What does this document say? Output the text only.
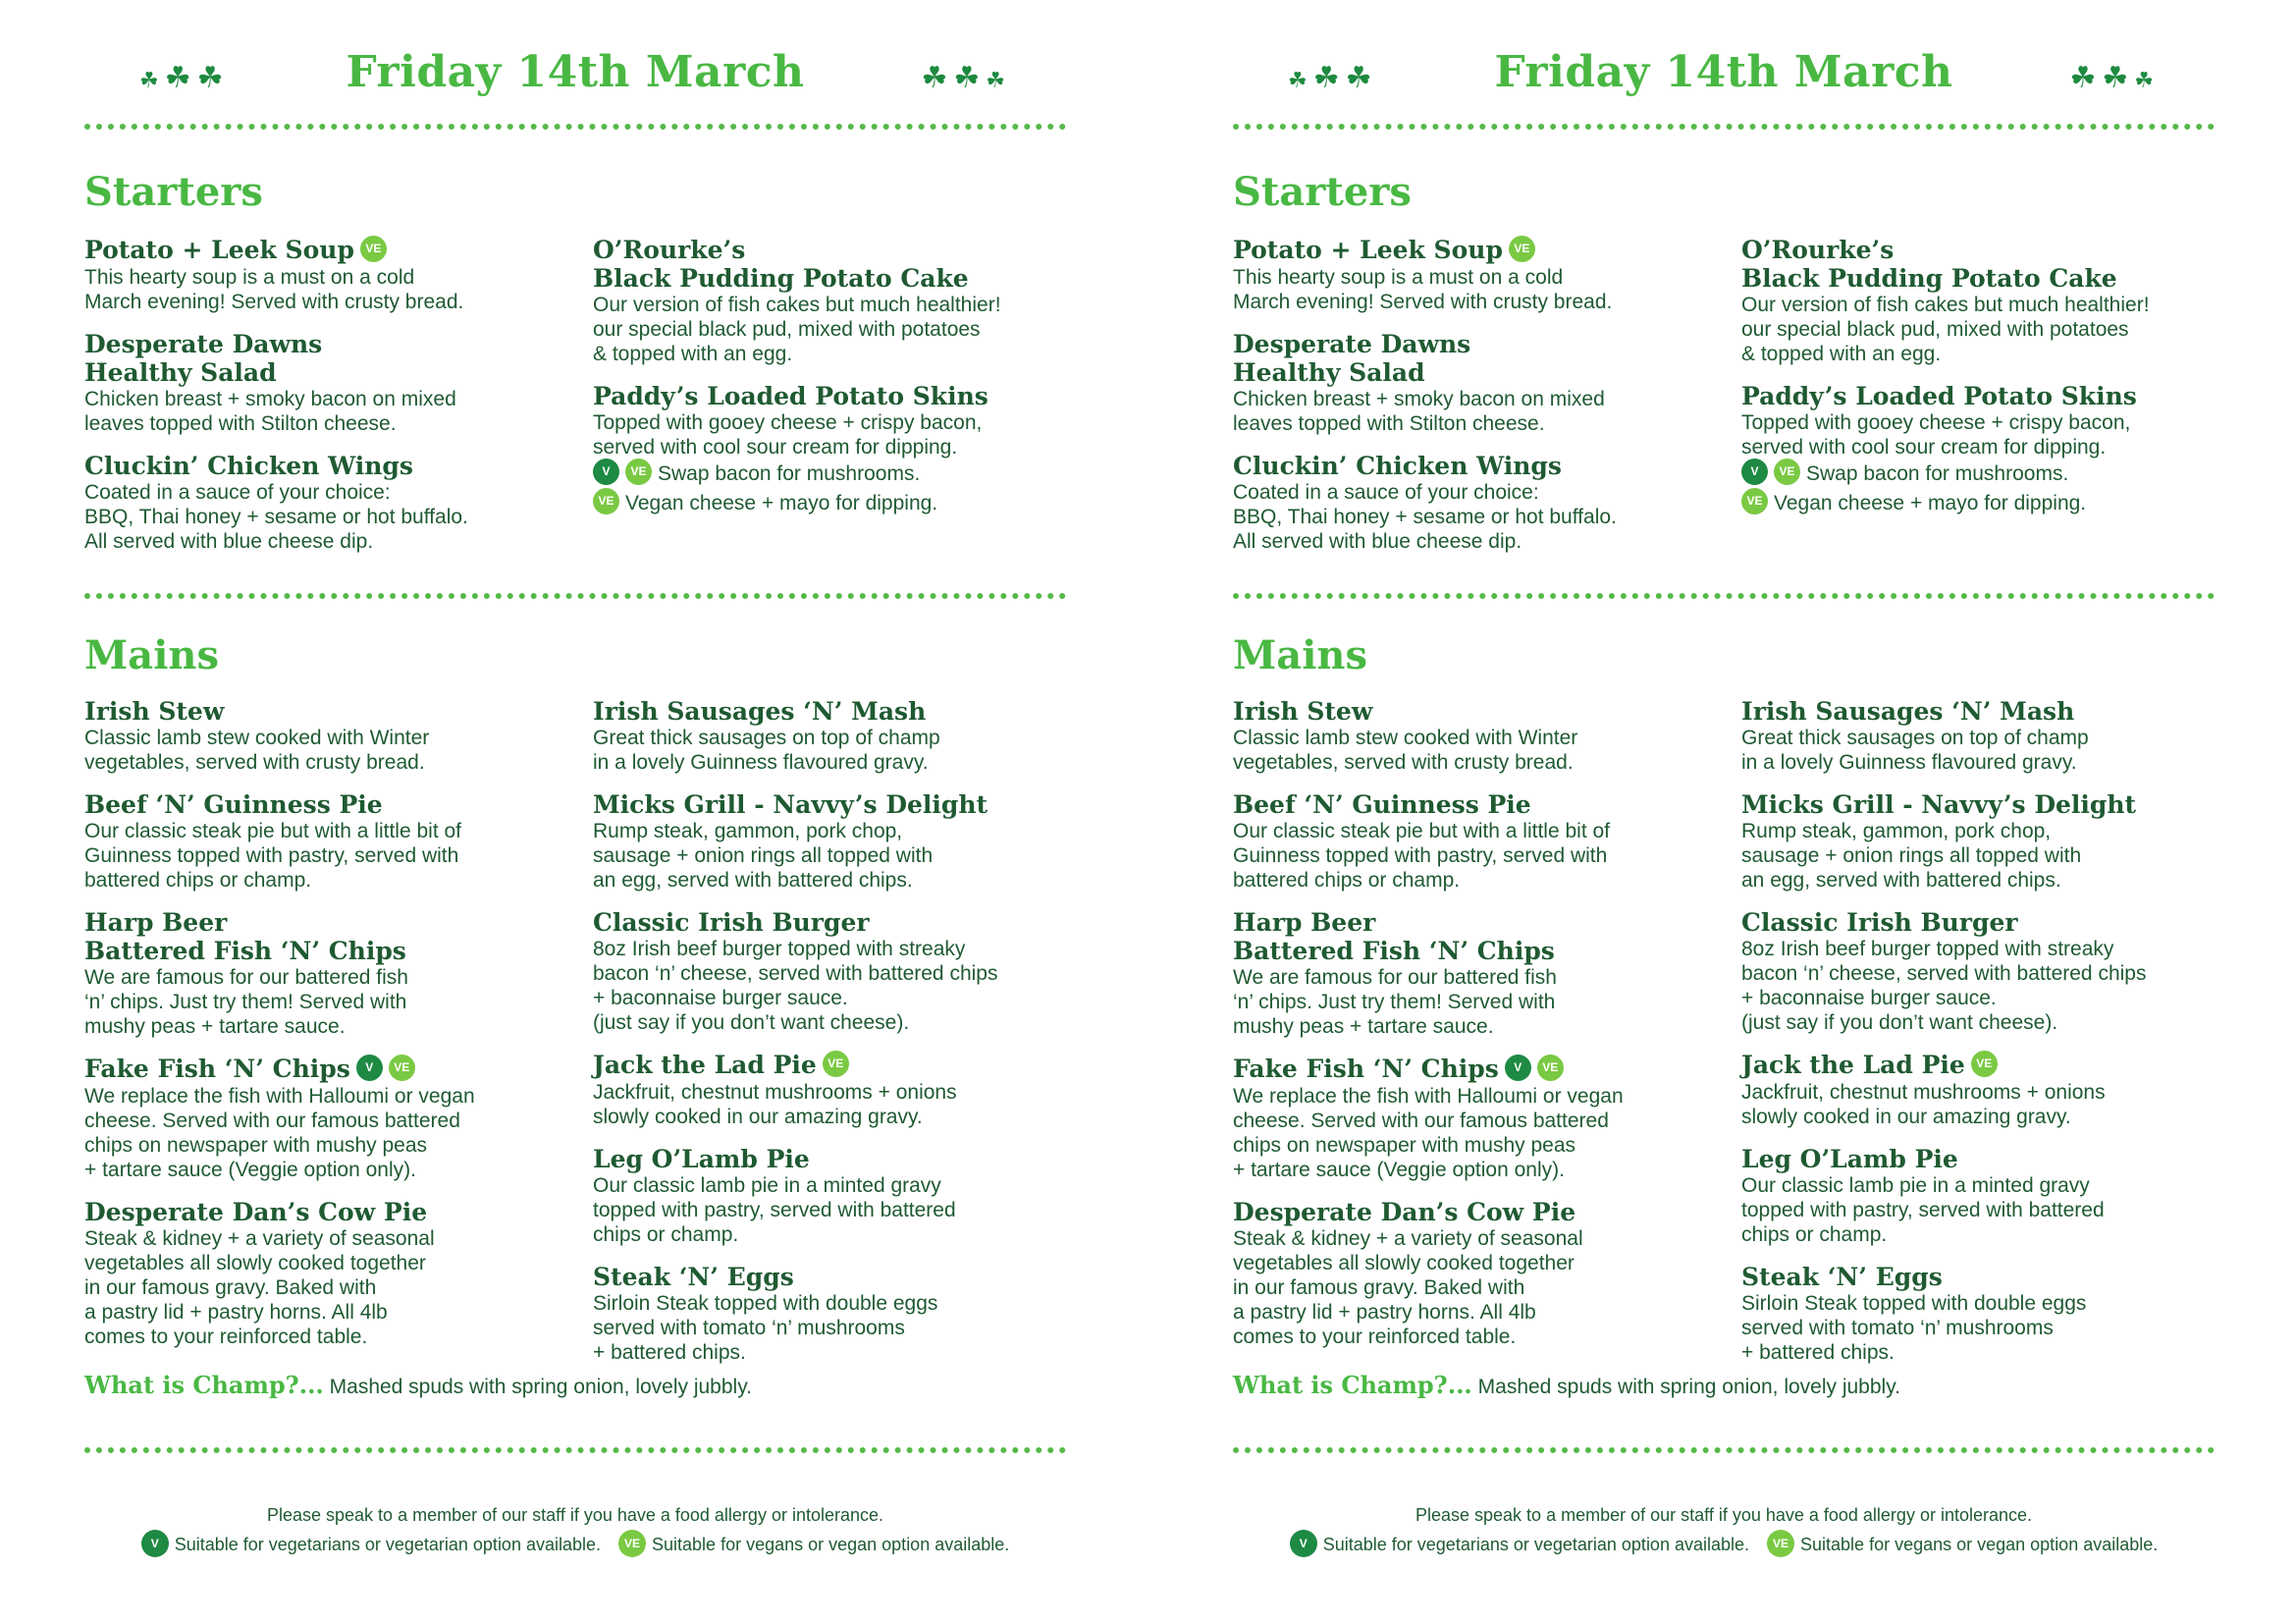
☘☘☘	Friday 14th March	☘☘☘
Starters
Potato + Leek Soup VE
This hearty soup is a must on a cold
March evening! Served with crusty bread.
Desperate Dawns
Healthy Salad
Chicken breast + smoky bacon on mixed
leaves topped with Stilton cheese.
Cluckin’ Chicken Wings
Coated in a sauce of your choice:
BBQ, Thai honey + sesame or hot buffalo.
All served with blue cheese dip.
O’Rourke’s
Black Pudding Potato Cake
Our version of fish cakes but much healthier!
our special black pud, mixed with potatoes
& topped with an egg.
Paddy’s Loaded Potato Skins
Topped with gooey cheese + crispy bacon,
served with cool sour cream for dipping.
V VE Swap bacon for mushrooms.
VE Vegan cheese + mayo for dipping.
Mains
Irish Stew
Classic lamb stew cooked with Winter
vegetables, served with crusty bread.
Beef ‘N’ Guinness Pie
Our classic steak pie but with a little bit of
Guinness topped with pastry, served with
battered chips or champ.
Harp Beer
Battered Fish ‘N’ Chips
We are famous for our battered fish
‘n’ chips. Just try them! Served with
mushy peas + tartare sauce.
Fake Fish ‘N’ Chips V VE
We replace the fish with Halloumi or vegan
cheese. Served with our famous battered
chips on newspaper with mushy peas
+ tartare sauce (Veggie option only).
Desperate Dan’s Cow Pie
Steak & kidney + a variety of seasonal
vegetables all slowly cooked together
in our famous gravy. Baked with
a pastry lid + pastry horns. All 4lb
comes to your reinforced table.
Irish Sausages ‘N’ Mash
Great thick sausages on top of champ
in a lovely Guinness flavoured gravy.
Micks Grill - Navvy’s Delight
Rump steak, gammon, pork chop,
sausage + onion rings all topped with
an egg, served with battered chips.
Classic Irish Burger
8oz Irish beef burger topped with streaky
bacon ‘n’ cheese, served with battered chips
+ baconnaise burger sauce.
(just say if you don’t want cheese).
Jack the Lad Pie VE
Jackfruit, chestnut mushrooms + onions
slowly cooked in our amazing gravy.
Leg O’Lamb Pie
Our classic lamb pie in a minted gravy
topped with pastry, served with battered
chips or champ.
Steak ‘N’ Eggs
Sirloin Steak topped with double eggs
served with tomato ‘n’ mushrooms
+ battered chips.
What is Champ?... Mashed spuds with spring onion, lovely jubbly.
Please speak to a member of our staff if you have a food allergy or intolerance.
V Suitable for vegetarians or vegetarian option available. VE Suitable for vegans or vegan option available.
☘☘☘	Friday 14th March	☘☘☘
Starters
Potato + Leek Soup VE
This hearty soup is a must on a cold
March evening! Served with crusty bread.
Desperate Dawns
Healthy Salad
Chicken breast + smoky bacon on mixed
leaves topped with Stilton cheese.
Cluckin’ Chicken Wings
Coated in a sauce of your choice:
BBQ, Thai honey + sesame or hot buffalo.
All served with blue cheese dip.
O’Rourke’s
Black Pudding Potato Cake
Our version of fish cakes but much healthier!
our special black pud, mixed with potatoes
& topped with an egg.
Paddy’s Loaded Potato Skins
Topped with gooey cheese + crispy bacon,
served with cool sour cream for dipping.
V VE Swap bacon for mushrooms.
VE Vegan cheese + mayo for dipping.
Mains
Irish Stew
Classic lamb stew cooked with Winter
vegetables, served with crusty bread.
Beef ‘N’ Guinness Pie
Our classic steak pie but with a little bit of
Guinness topped with pastry, served with
battered chips or champ.
Harp Beer
Battered Fish ‘N’ Chips
We are famous for our battered fish
‘n’ chips. Just try them! Served with
mushy peas + tartare sauce.
Fake Fish ‘N’ Chips V VE
We replace the fish with Halloumi or vegan
cheese. Served with our famous battered
chips on newspaper with mushy peas
+ tartare sauce (Veggie option only).
Desperate Dan’s Cow Pie
Steak & kidney + a variety of seasonal
vegetables all slowly cooked together
in our famous gravy. Baked with
a pastry lid + pastry horns. All 4lb
comes to your reinforced table.
Irish Sausages ‘N’ Mash
Great thick sausages on top of champ
in a lovely Guinness flavoured gravy.
Micks Grill - Navvy’s Delight
Rump steak, gammon, pork chop,
sausage + onion rings all topped with
an egg, served with battered chips.
Classic Irish Burger
8oz Irish beef burger topped with streaky
bacon ‘n’ cheese, served with battered chips
+ baconnaise burger sauce.
(just say if you don’t want cheese).
Jack the Lad Pie VE
Jackfruit, chestnut mushrooms + onions
slowly cooked in our amazing gravy.
Leg O’Lamb Pie
Our classic lamb pie in a minted gravy
topped with pastry, served with battered
chips or champ.
Steak ‘N’ Eggs
Sirloin Steak topped with double eggs
served with tomato ‘n’ mushrooms
+ battered chips.
What is Champ?... Mashed spuds with spring onion, lovely jubbly.
Please speak to a member of our staff if you have a food allergy or intolerance.
V Suitable for vegetarians or vegetarian option available. VE Suitable for vegans or vegan option available.
